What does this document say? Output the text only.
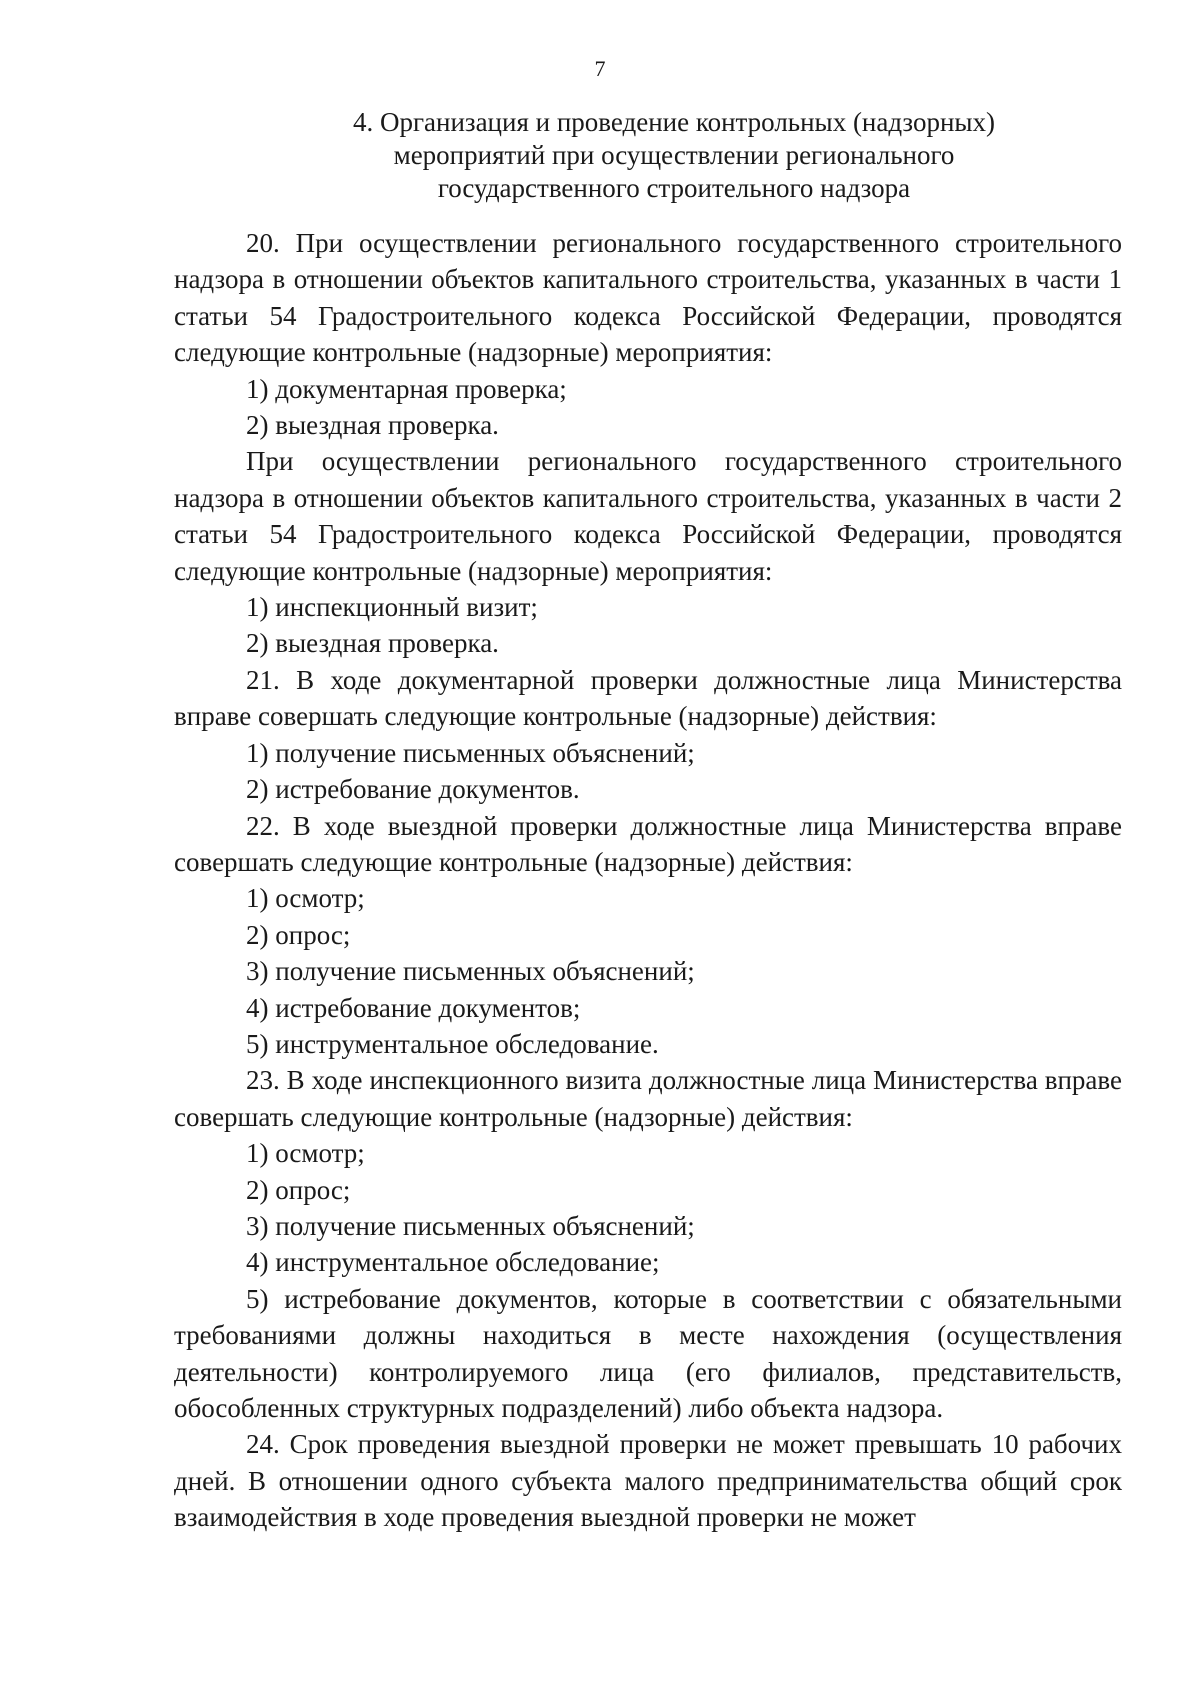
7
4. Организация и проведение контрольных (надзорных)
мероприятий при осуществлении регионального
государственного строительного надзора

20. При осуществлении регионального государственного строительного надзора в отношении объектов капитального строительства, указанных в части 1 статьи 54 Градостроительного кодекса Российской Федерации, проводятся следующие контрольные (надзорные) мероприятия:

1) документарная проверка;

2) выездная проверка.

При осуществлении регионального государственного строительного надзора в отношении объектов капитального строительства, указанных в части 2 статьи 54 Градостроительного кодекса Российской Федерации, проводятся следующие контрольные (надзорные) мероприятия:

1) инспекционный визит;

2) выездная проверка.

21. В ходе документарной проверки должностные лица Министерства вправе совершать следующие контрольные (надзорные) действия:

1) получение письменных объяснений;

2) истребование документов.

22. В ходе выездной проверки должностные лица Министерства вправе совершать следующие контрольные (надзорные) действия:

1) осмотр;

2) опрос;

3) получение письменных объяснений;

4) истребование документов;

5) инструментальное обследование.

23. В ходе инспекционного визита должностные лица Министерства вправе совершать следующие контрольные (надзорные) действия:

1) осмотр;

2) опрос;

3) получение письменных объяснений;

4) инструментальное обследование;

5) истребование документов, которые в соответствии с обязательными требованиями должны находиться в месте нахождения (осуществления деятельности) контролируемого лица (его филиалов, представительств, обособленных структурных подразделений) либо объекта надзора.

24. Срок проведения выездной проверки не может превышать 10 рабочих дней. В отношении одного субъекта малого предпринимательства общий срок взаимодействия в ходе проведения выездной проверки не может
